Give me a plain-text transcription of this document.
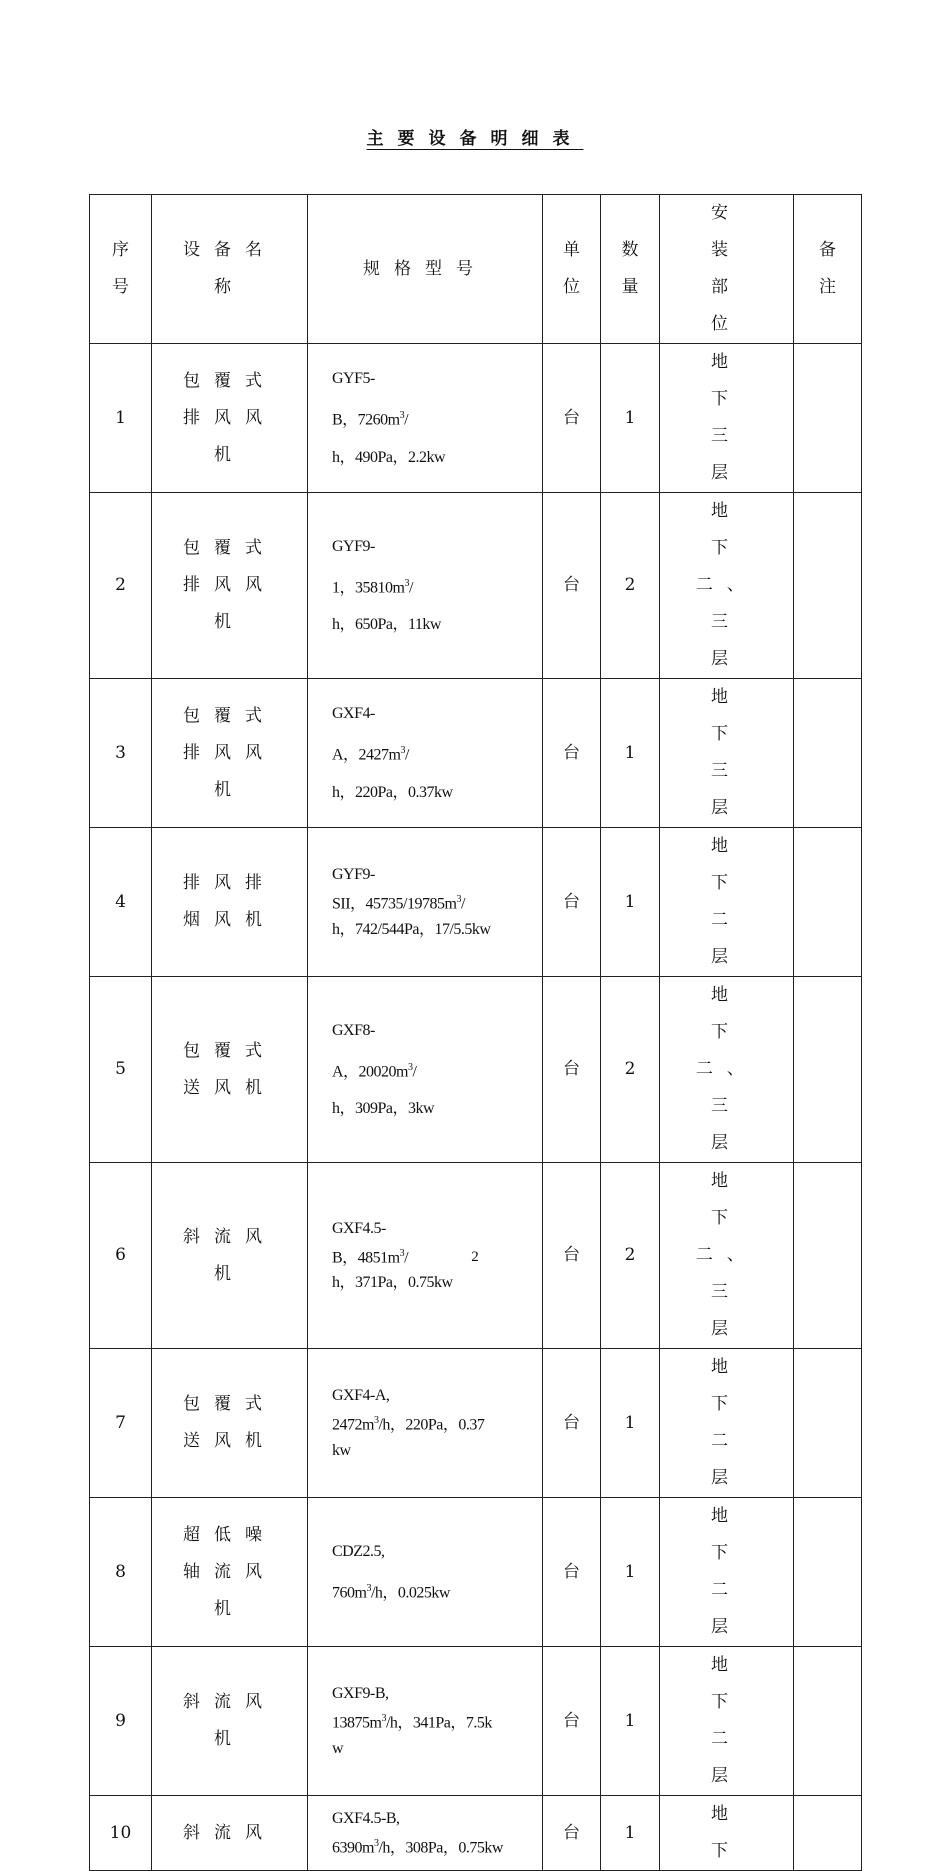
主要设备明细表
序号	设备名称	规格型号	单位	数量	安装部位	备注

1	包覆式排风风机	GYF5-
B，$7260m^3/$
h，490Pa，2.2kw	台	1	地下三层	

2	包覆式排风风机	GYF9-
1，$35810m^3/$
h，650Pa，11kw	台	2	地下二、三层	

3	包覆式排风风机	GXF4-
A，$2427m^3/$
h，220Pa，0.37kw	台	1	地下三层	

4	排风排烟风机	GYF9-
SII，$45735/19785m^3/$
h，742/544Pa，17/5.5kw	台	1	地下二层	

5	包覆式送风机	GXF8-
A，$20020m^3/$
h，309Pa，3kw	台	2	地下二、三层	

6	斜流风机	GXF4.5-
B，$4851m^3/$
h，371Pa，0.75kw	台	2	地下二、三层	

7	包覆式送风机	GXF4-A,
$2472m^3/h$，220Pa，0.37
kw	台	1	地下二层	

8	超低噪轴流风机	CDZ2.5,
$760m^3/h$，0.025kw	台	1	地下二层	

9	斜流风机	GXF9-B,
$13875m^3/h$，341Pa，7.5k
w	台	1	地下二层	

10	斜流风	GXF4.5-B,
$6390m^3/h$，308Pa，0.75kw	台	1	地下	

2
